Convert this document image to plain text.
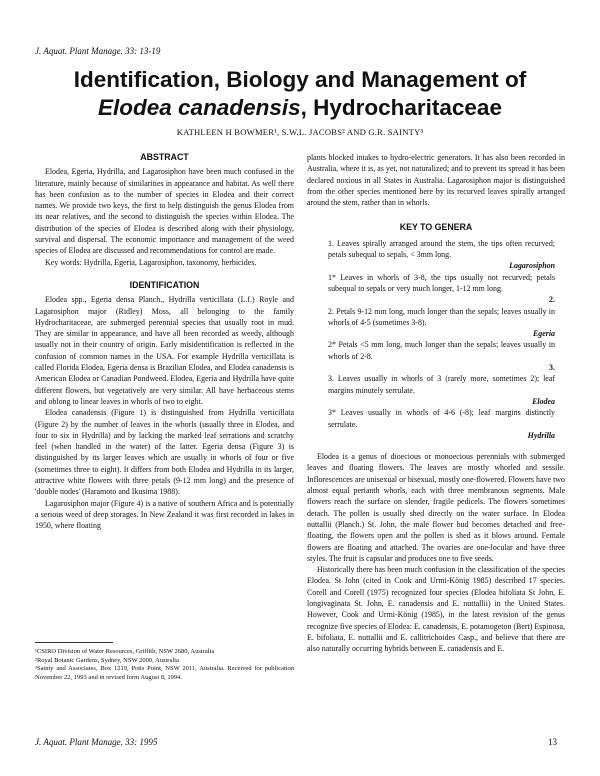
J. Aquat. Plant Manage. 33: 13-19
Identification, Biology and Management of
Elodea canadensis, Hydrocharitaceae
KATHLEEN H BOWMER¹, S.W.L. JACOBS² AND G.R. SAINTY³

ABSTRACT

Elodea, Egeria, Hydrilla, and Lagarosiphon have been much confused in the literature, mainly because of similarities in appearance and habitat. As well there has been confusion as to the number of species in Elodea and their correct names. We provide two keys, the first to help distinguish the genus Elodea from its near relatives, and the second to distinguish the species within Elodea. The distribution of the species of Elodea is described along with their physiology, survival and dispersal. The economic importance and management of the weed species of Elodea are discussed and recommendations for control are made.

Key words: Hydrilla, Egeria, Lagarosiphon, taxonomy, herbicides.

IDENTIFICATION

Elodea spp., Egeria densa Planch., Hydrilla verticillata (L.f.) Royle and Lagarosiphon major (Ridley) Moss, all belonging to the family Hydrocharitaceae, are submerged perennial species that usually root in mud. They are similar in appearance, and have all been recorded as weedy, although usually not in their country of origin. Early misidentification is reflected in the confusion of common names in the USA. For example Hydrilla verticillata is called Florida Elodea, Egeria densa is Brazilian Elodea, and Elodea canadensis is American Elodea or Canadian Pondweed. Elodea, Egeria and Hydrilla have quite different flowers, but vegetatively are very similar. All have herbaceous stems and oblong to linear leaves in whorls of two to eight.

Elodea canadensis (Figure 1) is distinguished from Hydrilla verticillata (Figure 2) by the number of leaves in the whorls (usually three in Elodea, and four to six in Hydrilla) and by lacking the marked leaf serrations and scratchy feel (when handled in the water) of the latter. Egeria densa (Figure 3) is distinguished by its larger leaves which are usually in whorls of four or five (sometimes three to eight). It differs from both Elodea and Hydrilla in its larger, attractive white flowers with three petals (9-12 mm long) and the presence of 'double nodes' (Haramoto and Ikusima 1988).

Lagarosiphon major (Figure 4) is a native of southern Africa and is potentially a serious weed of deep storages. In New Zealand it was first recorded in lakes in 1950, where floating

¹CSIRO Division of Water Resources, Griffith, NSW 2680, Australia

²Royal Botanic Gardens, Sydney, NSW 2000, Australia

³Sainty and Associates, Box 1219, Potts Point, NSW 2011, Australia. Received for publication November 22, 1993 and in revised form August 8, 1994.

plants blocked intakes to hydro-electric generators. It has also been recorded in Australia, where it is, as yet, not naturalized; and to prevent its spread it has been declared noxious in all States in Australia. Lagarosiphon major is distinguished from the other species mentioned here by its recurved leaves spirally arranged around the stem, rather than in whorls.

KEY TO GENERA

1. Leaves spirally arranged around the stem, the tips often recurved; petals subequal to sepals, < 3mm long.

Lagarosiphon

1* Leaves in whorls of 3-8, the tips usually not recurved; petals subequal to sepals or very much longer, 1-12 mm long.

2.

2. Petals 9-12 mm long, much longer than the sepals; leaves usually in whorls of 4-5 (sometimes 3-8).

Egeria

2* Petals <5 mm long, much longer than the sepals; leaves usually in whorls of 2-8.

3.

3. Leaves usually in whorls of 3 (rarely more, sometimes 2); leaf margins minutely serrulate.

Elodea

3* Leaves usually in whorls of 4-6 (-8); leaf margins distinctly serrulate.

Hydrilla

Elodea is a genus of dioecious or monoecious perennials with submerged leaves and floating flowers. The leaves are mostly whorled and sessile. Inflorescences are unisexual or bisexual, mostly one-flowered. Flowers have two almost equal perianth whorls, each with three membranous segments. Male flowers reach the surface on slender, fragile pedicels. The flowers sometimes detach. The pollen is usually shed directly on the water surface. In Elodea nuttallii (Planch.) St. John, the male flower bud becomes detached and free-floating, the flowers open and the pollen is shed as it blows around. Female flowers are floating and attached. The ovaries are one-locular and have three styles. The fruit is capsular and produces one to five seeds.

Historically there has been much confusion in the classification of the species Elodea. St John (cited in Cook and Urmi-König 1985) described 17 species. Corell and Corell (1975) recognized four species (Elodea bifoliata St John, E. longivaginata St. John, E. canadensis and E. nuttallii) in the United States. However, Cook and Urmi-König (1985), in the latest revision of the genus recognize five species of Elodea: E. canadensis, E. potamogeton (Bert) Espinosa, E. bifoliata, E. nuttallii and E. callitrichoides Casp., and believe that there are also naturally occurring hybrids between E. canadensis and E.

J. Aquat. Plant Manage. 33: 1995	13
